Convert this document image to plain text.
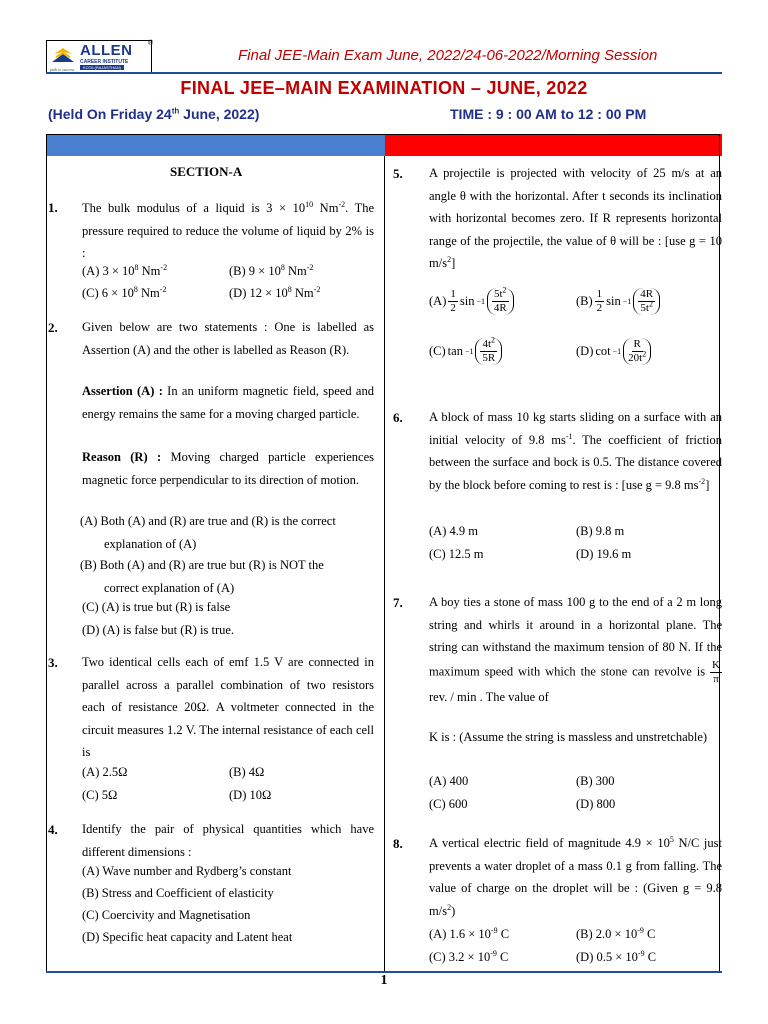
ALLEN ®
CAREER INSTITUTE
KOTA (RAJASTHAN)
path to success
Final JEE-Main Exam June, 2022/24-06-2022/Morning Session
FINAL JEE–MAIN EXAMINATION – JUNE, 2022
(Held On Friday 24th June, 2022)	TIME : 9 : 00 AM to 12 : 00 PM
SECTION-A
1. The bulk modulus of a liquid is $3 \times 10^{10}$ $Nm^{-2}$. The pressure required to reduce the volume of liquid by 2% is :
(A) $3 \times 10^8$ $Nm^{-2}$	(B) $9 \times 10^8$ $Nm^{-2}$
(C) $6 \times 10^8$ $Nm^{-2}$	(D) $12 \times 10^8$ $Nm^{-2}$
2. Given below are two statements : One is labelled as Assertion (A) and the other is labelled as Reason (R).
Assertion (A) : In an uniform magnetic field, speed and energy remains the same for a moving charged particle.
Reason (R) : Moving charged particle experiences magnetic force perpendicular to its direction of motion.
(A) Both (A) and (R) are true and (R) is the correct
explanation of (A)
(B) Both (A) and (R) are true but (R) is NOT the
correct explanation of (A)
(C) (A) is true but (R) is false
(D) (A) is false but (R) is true.
3. Two identical cells each of emf 1.5 V are connected in parallel across a parallel combination of two resistors each of resistance 20Ω. A voltmeter connected in the circuit measures 1.2 V. The internal resistance of each cell is
(A) 2.5Ω	(B) 4Ω
(C) 5Ω	(D) 10Ω
4. Identify the pair of physical quantities which have different dimensions :
(A) Wave number and Rydberg’s constant
(B) Stress and Coefficient of elasticity
(C) Coercivity and Magnetisation
(D) Specific heat capacity and Latent heat
5. A projectile is projected with velocity of 25 m/s at an angle θ with the horizontal. After t seconds its inclination with horizontal becomes zero. If R represents horizontal range of the projectile, the value of θ will be : [use g = 10 $m/s^2$]
$(A) \frac{1}{2}$ $\sin -1 \frac{5t^2}{4R}$	$(B) \frac{1}{2}$ $\sin -1 \frac{4R}{5t^2}$
(C) $\tan -1 \frac{4t^2}{5R}$	(D) $\cot -1 \frac{R}{20t^2}$
6. A block of mass 10 kg starts sliding on a surface with an initial velocity of 9.8 $ms^{-1}$. The coefficient of friction between the surface and bock is 0.5. The distance covered by the block before coming to rest is : [use g = 9.8 $ms^{-2}$]
(A) 4.9 m	(B) 9.8 m
(C) 12.5 m	(D) 19.6 m
7. A boy ties a stone of mass 100 g to the end of a 2 m long string and whirls it around in a horizontal plane. The string can withstand the maximum tension of 80 N. If the maximum speed with which the stone can revolve is $\frac{K}{\pi}$
rev. / min . The value of
K is : (Assume the string is massless and unstretchable)
(A) 400	(B) 300
(C) 600	(D) 800
8. A vertical electric field of magnitude $4.9 \times 10^5$ N/C just prevents a water droplet of a mass 0.1 g from falling. The value of charge on the droplet will be : (Given g = 9.8 $m/s^2$)
(A) $1.6 \times 10^{-9}$ C	(B) $2.0 \times 10^{-9}$ C
(C) $3.2 \times 10^{-9}$ C	(D) $0.5 \times 10^{-9}$ C
1
